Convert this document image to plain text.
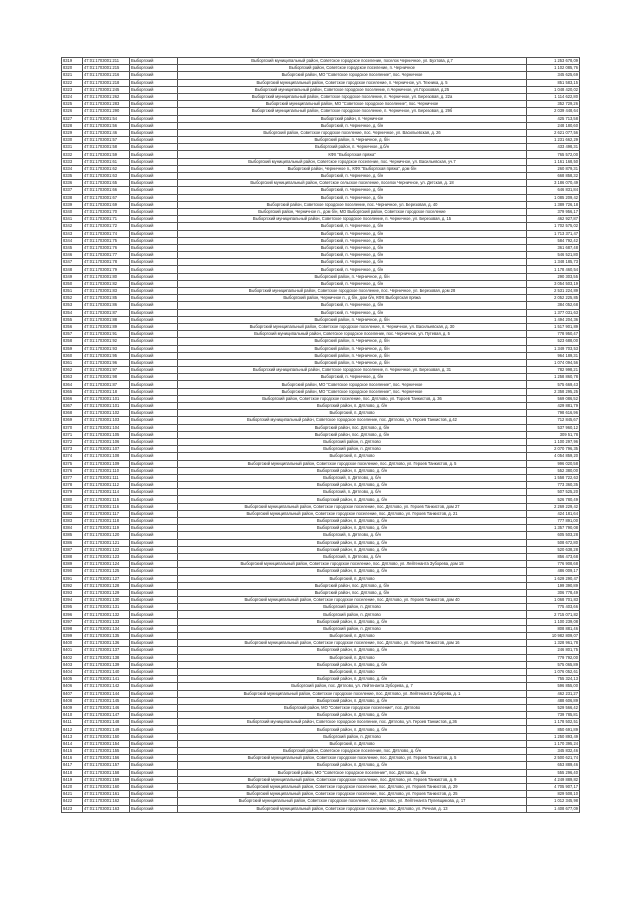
8319	47:01:1703001:211	Выборгский	Выборгский муниципальный район, Советское городское поселение, поселок Черничное, ул. Бухтова, д.7	1 253 678,09
8320	47:01:1703001:215	Выборгский	Выборгский район, Советское городское поселение, п. Черничное	1 102 085,76
8321	47:01:1703001:216	Выборгский	Выборгский район, МО "Советское городское поселение", пос. Черничное	345 625,69
8322	47:01:1703001:218	Выборгский	Выборгский муниципальный район, Советское городское поселение, п. Черничное, ул. Техника, д. 5	851 583,15
8323	47:01:1703001:245	Выборгский	Выборгский муниципальный район, Советское городское поселение, п.Черничное, ул.Гороховая, д.25	1 048 420,02
8324	47:01:1703001:262	Выборгский	Выборгский муниципальный район, Советское городское поселение, п. Черничное, ул. Березовая, д. 22а	1 114 622,80
8325	47:01:1703001:283	Выборгский	Выборгский муниципальный район, МО "Советское городское поселение", пос. Черничное	352 729,26
8326	47:01:1703001:290	Выборгский	Выборгский муниципальный район, Советское городское поселение, п. Черничное, ул. Березовая, д. 29б	2 039 448,64
8327	47:01:1703001:54	Выборгский	Выборгский район, п. Черничное	425 713,58
8328	47:01:1703001:56	Выборгский	Выборгский, п. Черничное, д. б/н	248 180,60
8329	47:01:1703001:46	Выборгский	Выборгский район, Советское городское поселение, пос. Черничное, ул. Васильевская, д. 26	2 621 077,56
8330	47:01:1703001:57	Выборгский	Выборгский район, п. Черничное, д. б/н	1 231 662,29
8331	47:01:1703001:58	Выборгский	Выборгский район, п. Черничное, д.б/н	433 498,31
8332	47:01:1703001:59	Выборгский	КФХ "Выборгская пряжа"	765 572,00
8333	47:01:1703001:61	Выборгский	Выборгский муниципальный район, Советское городское поселение, пос. Черничное, ул. Васильевская, уч.7	1 161 168,50
8334	47:01:1703001:62	Выборгский	Выборгский район, Черничное п., КФХ "Выборгская пряжа", дом б/н	260 879,31
8335	47:01:1703001:63	Выборгский	Выборгский, п. Черничное, д. б/н	668 858,32
8336	47:01:1703001:65	Выборгский	Выборгский муниципальный район, Советское сельское поселение, поселок Черничное, ул. Детская, д. 18	3 186 070,49
8337	47:01:1703001:66	Выборгский	Выборгский, п. Черничное, д. б/н	646 831,84
8338	47:01:1703001:67	Выборгский	Выборгский, п. Черничное, д. б/н	1 085 209,42
8339	47:01:1703001:69	Выборгский	Выборгский район, Советское городское поселение, пос. Черничное, ул. Березовая, д. 40	1 389 726,18
8340	47:01:1703001:70	Выборгский	Выборгский район, Черничное п., дом б/н, МО Выборгский район, Советское городское поселение	379 956,17
8341	47:01:1703001:71	Выборгский	Выборгский муниципальный район, Советское городское поселение, п. Черничное, ул. Березовая, д. 15	462 927,87
8342	47:01:1703001:72	Выборгский	Выборгский, п. Черничное, д. б/н	1 702 575,02
8343	47:01:1703001:74	Выборгский	Выборгский, п. Черничное, д. б/н	1 713 371,47
8344	47:01:1703001:75	Выборгский	Выборгский, п. Черничное, д. б/н	584 792,42
8345	47:01:1703001:76	Выборгский	Выборгский, п. Черничное, д. б/н	361 687,48
8346	47:01:1703001:77	Выборгский	Выборгский, п. Черничное, д. б/н	546 521,80
8347	47:01:1703001:78	Выборгский	Выборгский, п. Черничное, д. б/н	1 348 185,73
8348	47:01:1703001:79	Выборгский	Выборгский, п. Черничное, д. б/н	1 178 460,54
8349	47:01:1703001:80	Выборгский	Выборгский район, п. Черничное, д. б/н	290 303,55
8350	47:01:1703001:82	Выборгский	Выборгский, п. Черничное, д. б/н	3 054 503,19
8351	47:01:1703001:83	Выборгский	Выборгский муниципальный район, Советское городское поселение, пос. Черничное, ул. Березовая, дом 28	2 531 224,89
8352	47:01:1703001:85	Выборгский	Выборгский район, Черничное п., д б/н, дом б/н, КФХ Выборгская пряжа	2 052 225,85
8353	47:01:1703001:86	Выборгский	Выборгский, п. Черничное, д. б/н	384 052,68
8354	47:01:1703001:87	Выборгский	Выборгский, п. Черничное, д. б/н	1 377 031,63
8355	47:01:1703001:88	Выборгский	Выборгский район, п. Черничное, д. б/н	1 494 204,36
8356	47:01:1703001:89	Выборгский	Выборгский муниципальный район, Советское городское поселение, п. Черничное, ул. Васильевская, д. 30	1 517 901,89
8357	47:01:1703001:91	Выборгский	Выборгский муниципальный район, Советское городское поселение, пос. Черничное, ул. Путевая, д. 5	778 950,47
8358	47:01:1703001:92	Выборгский	Выборгский район, п. Черничное, д. б/н	523 688,00
8359	47:01:1703001:93	Выборгский	Выборгский район, п. Черничное, д. б/н	1 349 703,53
8360	47:01:1703001:95	Выборгский	Выборгский район, п. Черничное, д. б/н	964 189,31
8361	47:01:1703001:96	Выборгский	Выборгский район, п. Черничное, д. б/н	1 074 094,56
8362	47:01:1703001:97	Выборгский	Выборгский муниципальный район, Советское городское поселение, п. Черничное, ул. Березовая, д. 31	782 998,21
8363	47:01:1703001:98	Выборгский	Выборгский, п. Черничное, д. б/н	1 258 860,78
8364	47:01:1703001:87	Выборгский	Выборгский район, МО "Советское городское поселение", пос. Черничное	575 669,43
8365	47:01:1703001:18	Выборгский	Выборгский район, МО "Советское городское поселение", пос. Черничное	2 358 295,25
8366	47:01:1703001:101	Выборгский	Выборгский район, Советское городское поселение, пос. Дятлово, ул. Тороев Танкистов, д. 36	569 086,52
8367	47:01:1703001:101	Выборгский	Выборгский район, п. Дятлово, д. б/н	429 881,79
8368	47:01:1703001:102	Выборгский	Выборгский, п. Дятлово	798 616,96
8369	47:01:1703001:103	Выборгский	Выборгский муниципальный район, Советское городское поселение, пос. Дятлово, ул. Героев Танкистов, д.42	712 845,67
8370	47:01:1703001:104	Выборгский	Выборгский район, пос. Дятлово, д. б/н	537 960,12
8371	47:01:1703001:105	Выборгский	Выборгский район, пос. Дятлово, д. б/н	309 51,78
8372	47:01:1703001:106	Выборгский	Выборгский район, п. Дятлово	1 100 297,96
8373	47:01:1703001:107	Выборгский	Выборгский район, п. Дятлово	2 070 796,35
8374	47:01:1703001:108	Выборгский	Выборгский, п. Дятлово	4 054 859,20
8375	47:01:1703001:109	Выборгский	Выборгский муниципальный район, Советское городское поселение, пос. Дятлово, ул. Героев Танкистов, д. 5	996 020,58
8376	47:01:1703001:110	Выборгский	Выборгский район, п. Дятлово, д. б/н	552 380,00
8377	47:01:1703001:111	Выборгский	Выборгский, п. Дятлово, д. б/н	1 558 722,63
8378	47:01:1703001:112	Выборгский	Выборгский район, п. Дятлово, д. б/н	773 360,35
8379	47:01:1703001:114	Выборгский	Выборгский, п. Дятлово, д. б/н	507 525,20
8380	47:01:1703001:115	Выборгский	Выборгский район, п. Дятлово, д. б/н	526 780,49
8381	47:01:1703001:116	Выборгский	Выборгский муниципальный район, Советское городское поселение, пос. Дятлово, ул. Героев Танкистов, дом 27	2 269 229,42
8382	47:01:1703001:117	Выборгский	Выборгский муниципальный район, Советское городское поселение, пос. Дятлово, ул. Героев Танкистов, д. 21	424 181,64
8383	47:01:1703001:118	Выборгский	Выборгский район, п. Дятлово, д. б/н	777 891,00
8384	47:01:1703001:119	Выборгский	Выборгский район, п. Дятлово, д. б/н	1 357 790,08
8385	47:01:1703001:120	Выборгский	Выборгский, п. Дятлово, д. б/н	605 503,28
8386	47:01:1703001:121	Выборгский	Выборгский район, п. Дятлово, д. б/н	508 672,80
8387	47:01:1703001:122	Выборгский	Выборгский район, п. Дятлово, д. б/н	520 638,28
8388	47:01:1703001:123	Выборгский	Выборгский, п. Дятлово, д. б/н	856 473,68
8389	47:01:1703001:124	Выборгский	Выборгский муниципальный район, Советское городское поселение, пос. Дятлово, ул. Лейтенанта Зуборева, дом 18	776 908,68
8390	47:01:1703001:125	Выборгский	Выборгский район, п. Дятлово, д. б/н	486 009,17
8391	47:01:1703001:127	Выборгский	Выборгский, п. Дятлово	1 629 290,47
8392	47:01:1703001:128	Выборгский	Выборгский район, пос. Дятлово, д. б/н	199 390,89
8393	47:01:1703001:129	Выборгский	Выборгский район, пос. Дятлово, д. б/н	306 778,49
8394	47:01:1703001:130	Выборгский	Выборгский муниципальный район, Советское городское поселение, пос. Дятлово, ул. Героев Танкистов, дом 40	1 068 701,83
8395	47:01:1703001:131	Выборгский	Выборгский район, п. Дятлово	775 403,66
8396	47:01:1703001:132	Выборгский	Выборгский район, п. Дятлово	2 715 071,82
8397	47:01:1703001:133	Выборгский	Выборгский район, п. Дятлово, д. б/н	1 100 239,08
8398	47:01:1703001:134	Выборгский	Выборгский район, п. Дятлово	808 881,46
8399	47:01:1703001:135	Выборгский	Выборгский, п. Дятлово	10 982 809,07
8400	47:01:1703001:136	Выборгский	Выборгский муниципальный район, Советское городское поселение, пос. Дятлово, ул. Героев Танкистов, дом 16	1 328 961,78
8401	47:01:1703001:137	Выборгский	Выборгский район, п. Дятлово, д. б/н	246 801,75
8402	47:01:1703001:138	Выборгский	Выборгский, п. Дятлово	779 792,00
8403	47:01:1703001:139	Выборгский	Выборгский район, п. Дятлово, д. б/н	575 065,89
8404	47:01:1703001:140	Выборгский	Выборгский, п. Дятлово	1 076 052,61
8405	47:01:1703001:141	Выборгский	Выборгский район, п. Дятлово, д. б/н	755 324,13
8406	47:01:1703001:142	Выборгский	Выборгский район, пос. Дятлово, ул. Лейтенанта Зуборева, д. 7	596 855,00
8407	47:01:1703001:144	Выборгский	Выборгский муниципальный район, Советское городское поселение, пос. Дятлово, ул. Лейтенанта Зуборева, д. 1	462 231,27
8408	47:01:1703001:145	Выборгский	Выборгский район, п. Дятлово, д. б/н	488 606,89
8409	47:01:1703001:146	Выборгский	Выборгский район, МО "Советское городское поселение", пос. Дятлово	529 566,42
8410	47:01:1703001:147	Выборгский	Выборгский район, п. Дятлово, д. б/н	739 785,81
8411	47:01:1703001:148	Выборгский	Выборгский муниципальный район, Советское городское поселение, пос. Дятлово, ул. Героев Танкистов, д.36	1 178 502,51
8412	47:01:1703001:149	Выборгский	Выборгский район, п. Дятлово, д. б/н	850 691,89
8413	47:01:1703001:150	Выборгский	Выборгский район, п. Дятлово	1 250 893,49
8414	47:01:1703001:154	Выборгский	Выборгский, п. Дятлово	1 170 395,24
8415	47:01:1703001:155	Выборгский	Выборгский район, Советское городское поселение, пос. Дятлово, д. б/н	345 832,46
8416	47:01:1703001:156	Выборгский	Выборгский муниципальный район, Советское городское поселение, пос. Дятлово, ул. Героев Танкистов, д. 5	2 500 621,74
8417	47:01:1703001:157	Выборгский	Выборгский район, п. Дятлово, д. б/н	653 889,46
8418	47:01:1703001:158	Выборгский	Выборгский район, МО "Советское городское поселение", пос. Дятлово, д. б/н	555 296,40
8419	47:01:1703001:159	Выборгский	Выборгский муниципальный район, Советское городское поселение, пос. Дятлово, ул. Героев Танкистов, д. 9	4 249 889,82
8420	47:01:1703001:160	Выборгский	Выборгский муниципальный район, Советское городское поселение, пос. Дятлово, ул. Героев Танкистов, д. 29	4 705 907,17
8421	47:01:1703001:161	Выборгский	Выборгский муниципальный район, Советское городское поселение, пос. Дятлово, ул. Героев Танкистов, д. 25	829 508,10
8422	47:01:1703001:162	Выборгский	Выборгский муниципальный район, Советское городское поселение, пос. Дятлово, ул. Лейтенанта Пулевщикова, д. 17	1 012 345,98
8423	47:01:1703001:163	Выборгский	Выборгский муниципальный район, Советское городское поселение, пос. Дятлово, ул. Речная, д. 13	1 408 677,09
